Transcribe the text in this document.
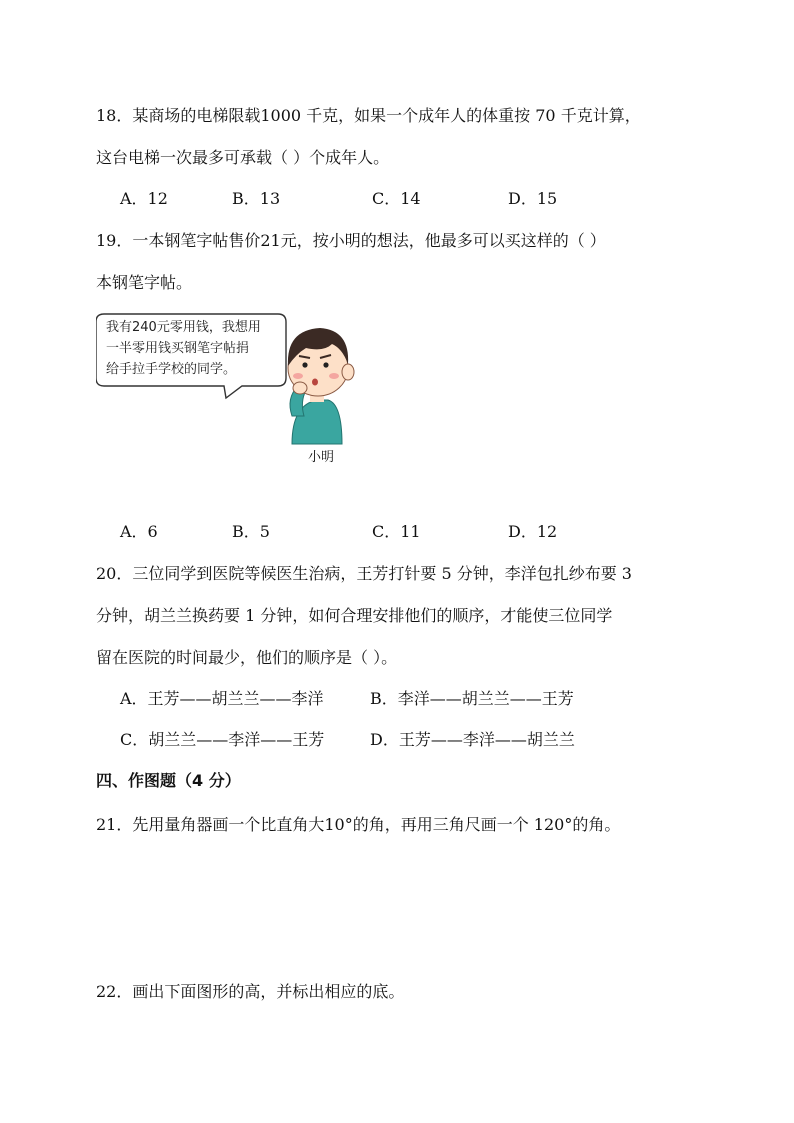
18．某商场的电梯限载1000 千克，如果一个成年人的体重按 70 千克计算，
这台电梯一次最多可承载（ ）个成年人。
A．12	B．13	C．14	D．15
19．一本钢笔字帖售价21元，按小明的想法，他最多可以买这样的（ ）
本钢笔字帖。
我有240元零用钱，我想用
一半零用钱买钢笔字帖捐
给手拉手学校的同学。
小明
A．6	B．5	C．11	D．12
20．三位同学到医院等候医生治病，王芳打针要 5 分钟，李洋包扎纱布要 3
分钟，胡兰兰换药要 1 分钟，如何合理安排他们的顺序，才能使三位同学
留在医院的时间最少，他们的顺序是（ ）。
A．王芳——胡兰兰——李洋	B．李洋——胡兰兰——王芳
C．胡兰兰——李洋——王芳	D．王芳——李洋——胡兰兰
四、作图题（4 分）
21．先用量角器画一个比直角大10°的角，再用三角尺画一个 120°的角。
22．画出下面图形的高，并标出相应的底。
